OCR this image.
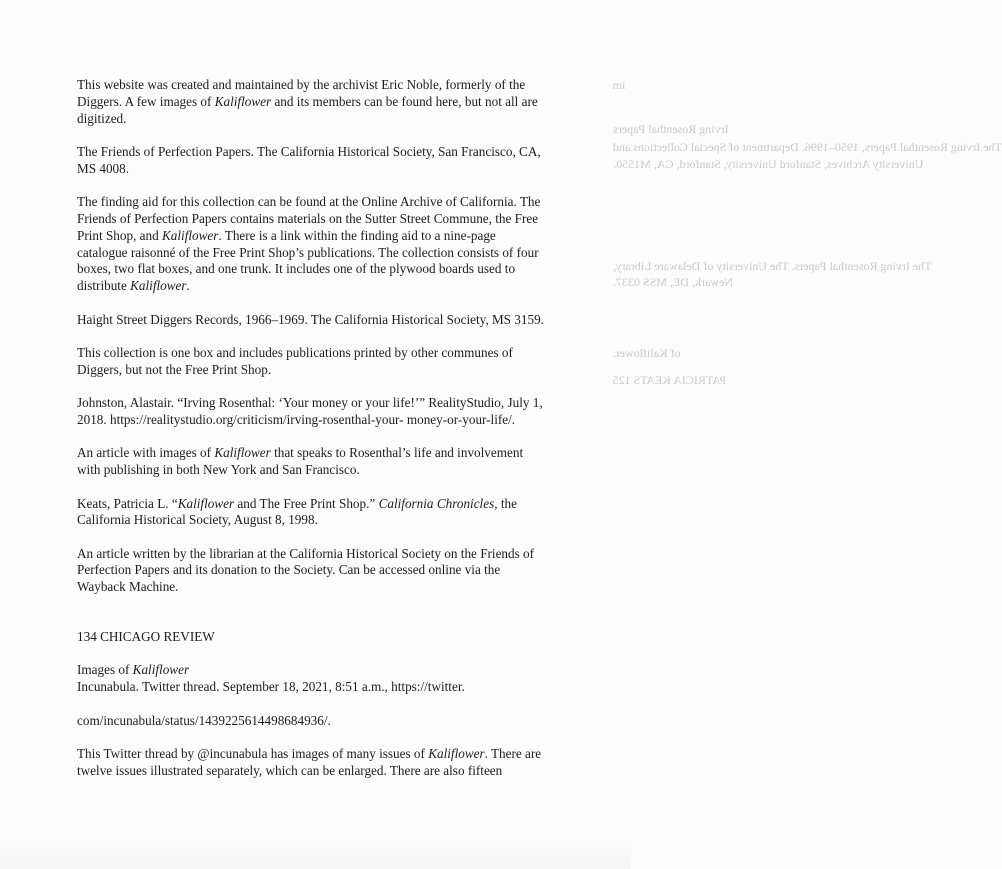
im
Irving Rosenthal Papers
The Irving Rosenthal Papers, 1950–1996. Department of Special Collections and
University Archives, Stanford University, Stanford, CA, M1550.
The Irving Rosenthal Papers. The University of Delaware Library,
Newark, DE, MSS 0337.
of Kaliflower.
PATRICIA KEATS 125

This website was created and maintained by the archivist Eric Noble, formerly of the Diggers. A few images of Kaliflower and its members can be found here, but not all are digitized.

The Friends of Perfection Papers. The California Historical Society, San Francisco, CA, MS 4008.

The finding aid for this collection can be found at the Online Archive of California. The Friends of Perfection Papers contains materials on the Sutter Street Commune, the Free Print Shop, and Kaliflower. There is a link within the finding aid to a nine-page catalogue raisonné of the Free Print Shop’s publications. The collection consists of four boxes, two flat boxes, and one trunk. It includes one of the plywood boards used to distribute Kaliflower.

Haight Street Diggers Records, 1966–1969. The California Historical Society, MS 3159.

This collection is one box and includes publications printed by other communes of Diggers, but not the Free Print Shop.

Johnston, Alastair. “Irving Rosenthal: ‘Your money or your life!’” RealityStudio, July 1, 2018. https://realitystudio.org/criticism/irving-rosenthal-your- money-or-your-life/.

An article with images of Kaliflower that speaks to Rosenthal’s life and involvement with publishing in both New York and San Francisco.

Keats, Patricia L. “Kaliflower and The Free Print Shop.” California Chronicles, the California Historical Society, August 8, 1998.

An article written by the librarian at the California Historical Society on the Friends of Perfection Papers and its donation to the Society. Can be accessed online via the Wayback Machine.

134 CHICAGO REVIEW

Images of Kaliflower

Incunabula. Twitter thread. September 18, 2021, 8:51 a.m., https://twitter.

com/incunabula/status/1439225614498684936/.

This Twitter thread by @incunabula has images of many issues of Kaliflower. There are twelve issues illustrated separately, which can be enlarged. There are also fifteen
